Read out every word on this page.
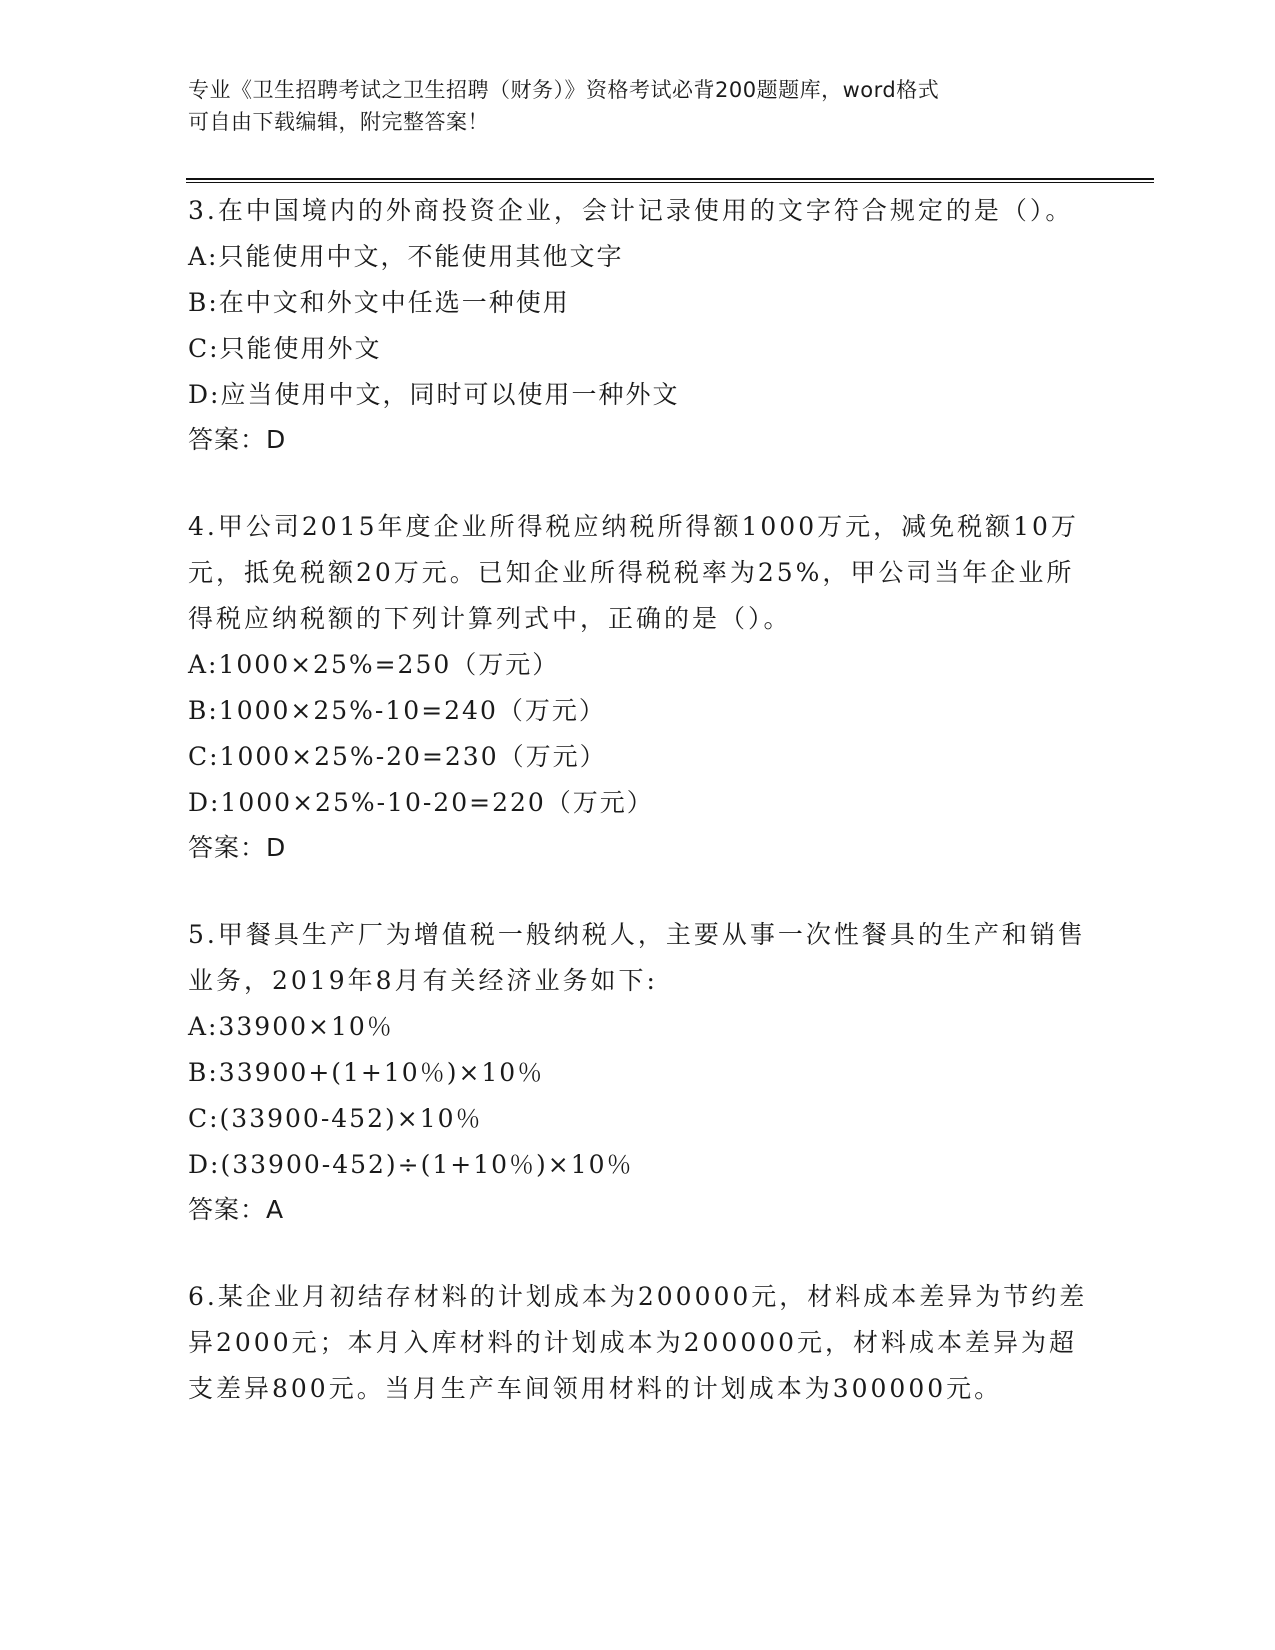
专业《卫生招聘考试之卫生招聘（财务）》资格考试必背200题题库，word格式
可自由下载编辑，附完整答案！

3.在中国境内的外商投资企业，会计记录使用的文字符合规定的是（）。

A:只能使用中文，不能使用其他文字

B:在中文和外文中任选一种使用

C:只能使用外文

D:应当使用中文，同时可以使用一种外文

答案：D

4.甲公司2015年度企业所得税应纳税所得额1000万元，减免税额10万元，抵免税额20万元。已知企业所得税税率为25%，甲公司当年企业所得税应纳税额的下列计算列式中，正确的是（）。

A:1000×25%=250（万元）

B:1000×25%-10=240（万元）

C:1000×25%-20=230（万元）

D:1000×25%-10-20=220（万元）

答案：D

5.甲餐具生产厂为增值税一般纳税人，主要从事一次性餐具的生产和销售业务，2019年8月有关经济业务如下:

A:33900×10％

B:33900+(1+10％)×10％

C:(33900-452)×10％

D:(33900-452)÷(1+10％)×10％

答案：A

6.某企业月初结存材料的计划成本为200000元，材料成本差异为节约差异2000元；本月入库材料的计划成本为200000元，材料成本差异为超支差异800元。当月生产车间领用材料的计划成本为300000元。
